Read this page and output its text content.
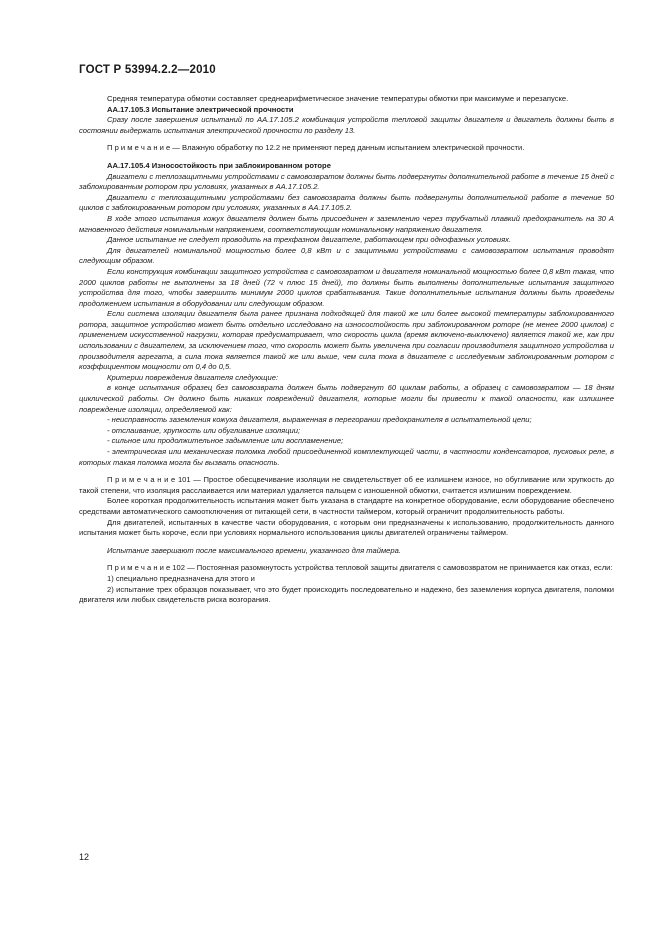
ГОСТ Р 53994.2.2—2010

Средняя температура обмотки составляет среднеарифметическое значение температуры обмотки при максимуме и перезапуске.

АА.17.105.3 Испытание электрической прочности

Сразу после завершения испытаний по АА.17.105.2 комбинация устройств тепловой защиты двигателя и двигатель должны быть в состоянии выдержать испытания электрической прочности по разделу 13.

П р и м е ч а н и е — Влажную обработку по 12.2 не применяют перед данным испытанием электрической прочности.

АА.17.105.4 Износостойкость при заблокированном роторе

Двигатели с теплозащитными устройствами с самовозвратом должны быть подвергнуты дополнительной работе в течение 15 дней с заблокированным ротором при условиях, указанных в АА.17.105.2.

Двигатели с теплозащитными устройствами без самовозврата должны быть подвергнуты дополнительной работе в течение 50 циклов с заблокированным ротором при условиях, указанных в АА.17.105.2.

В ходе этого испытания кожух двигателя должен быть присоединен к заземлению через трубчатый плавкий предохранитель на 30 А мгновенного действия номинальным напряжением, соответствующим номинальному напряжению двигателя.

Данное испытание не следует проводить на трехфазном двигателе, работающем при однофазных условиях.

Для двигателей номинальной мощностью более 0,8 кВт и с защитными устройствами с самовозвратом испытания проводят следующим образом.

Если конструкция комбинации защитного устройства с самовозвратом и двигателя номинальной мощностью более 0,8 кВт такая, что 2000 циклов работы не выполнены за 18 дней (72 ч плюс 15 дней), то должны быть выполнены дополнительные испытания защитного устройства для того, чтобы завершить минимум 2000 циклов срабатывания. Такие дополнительные испытания должны быть проведены продолжением испытания в оборудовании или следующим образом.

Если система изоляции двигателя была ранее признана подходящей для такой же или более высокой температуры заблокированного ротора, защитное устройство может быть отдельно исследовано на износостойкость при заблокированном роторе (не менее 2000 циклов) с применением искусственной нагрузки, которая предусматривает, что скорость цикла (время включено-выключено) является такой же, как при использовании с двигателем, за исключением того, что скорость может быть увеличена при согласии производителя защитного устройства и производителя агрегата, а сила тока является такой же или выше, чем сила тока в двигателе с исследуемым заблокированным ротором с коэффициентом мощности от 0,4 до 0,5.

Критерии повреждения двигателя следующие:

в конце испытания образец без самовозврата должен быть подвергнут 60 циклам работы, а образец с самовозвратом — 18 дням циклической работы. Он должно быть никаких повреждений двигателя, которые могли бы привести к такой опасности, как излишнее повреждение изоляции, определяемой как:

- неисправность заземления кожуха двигателя, выраженная в перегорании предохранителя в испытательной цепи;

- отслаивание, хрупкость или обугливание изоляции;

- сильное или продолжительное задымление или воспламенение;

- электрическая или механическая поломка любой присоединенной комплектующей части, в частности конденсаторов, пусковых реле, в которых такая поломка могла бы вызвать опасность.

П р и м е ч а н и е 101 — Простое обесцвечивание изоляции не свидетельствует об ее излишнем износе, но обугливание или хрупкость до такой степени, что изоляция расслаивается или материал удаляется пальцем с изношенной обмотки, считается излишним повреждением.

Более короткая продолжительность испытания может быть указана в стандарте на конкретное оборудование, если оборудование обеспечено средствами автоматического самоотключения от питающей сети, в частности таймером, который ограничит продолжительность работы.

Для двигателей, испытанных в качестве части оборудования, с которым они предназначены к использованию, продолжительность данного испытания может быть короче, если при условиях нормального использования циклы двигателей ограничены таймером.

Испытание завершают после максимального времени, указанного для таймера.

П р и м е ч а н и е 102 — Постоянная разомкнутость устройства тепловой защиты двигателя с самовозвратом не принимается как отказ, если:

1) специально предназначена для этого и

2) испытание трех образцов показывает, что это будет происходить последовательно и надежно, без заземления корпуса двигателя, поломки двигателя или любых свидетельств риска возгорания.

12
